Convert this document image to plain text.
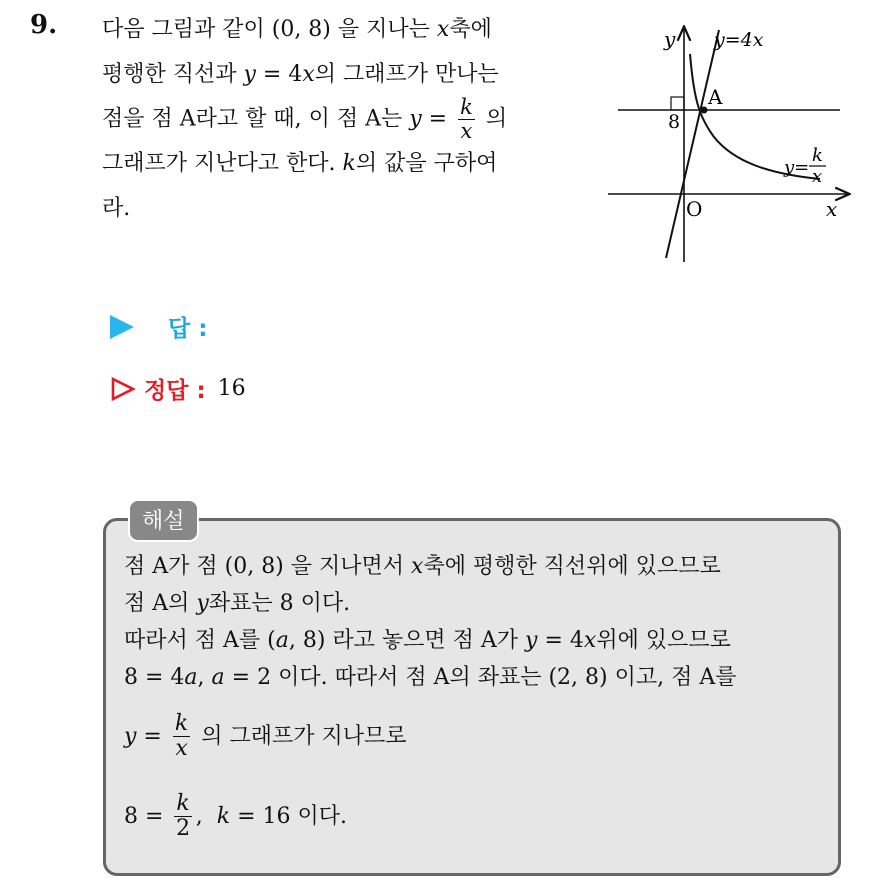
9. 다음 그림과 같이 (0, 8) 을 지나는 x축에
평행한 직선과 y = 4x의 그래프가 만나는
점을 점 A라고 할 때, 이 점 A는 $y = \frac{k}{x}$ 의
그래프가 지난다고 한다. k의 값을 구하여
라.
y
x
O
A
8
y=4x
y=
k
x
답 :
정답 : 16
해설
점 A가 점 (0, 8) 을 지나면서 x축에 평행한 직선위에 있으므로
점 A의 y좌표는 8 이다.
따라서 점 A를 (a, 8) 라고 놓으면 점 A가 y = 4x위에 있으므로
8 = 4a, a = 2 이다. 따라서 점 A의 좌표는 (2, 8) 이고, 점 A를
$y = \frac{k}{x}$ 의 그래프가 지나므로
$8 = \frac{k}{2}$ , k = 16 이다.
